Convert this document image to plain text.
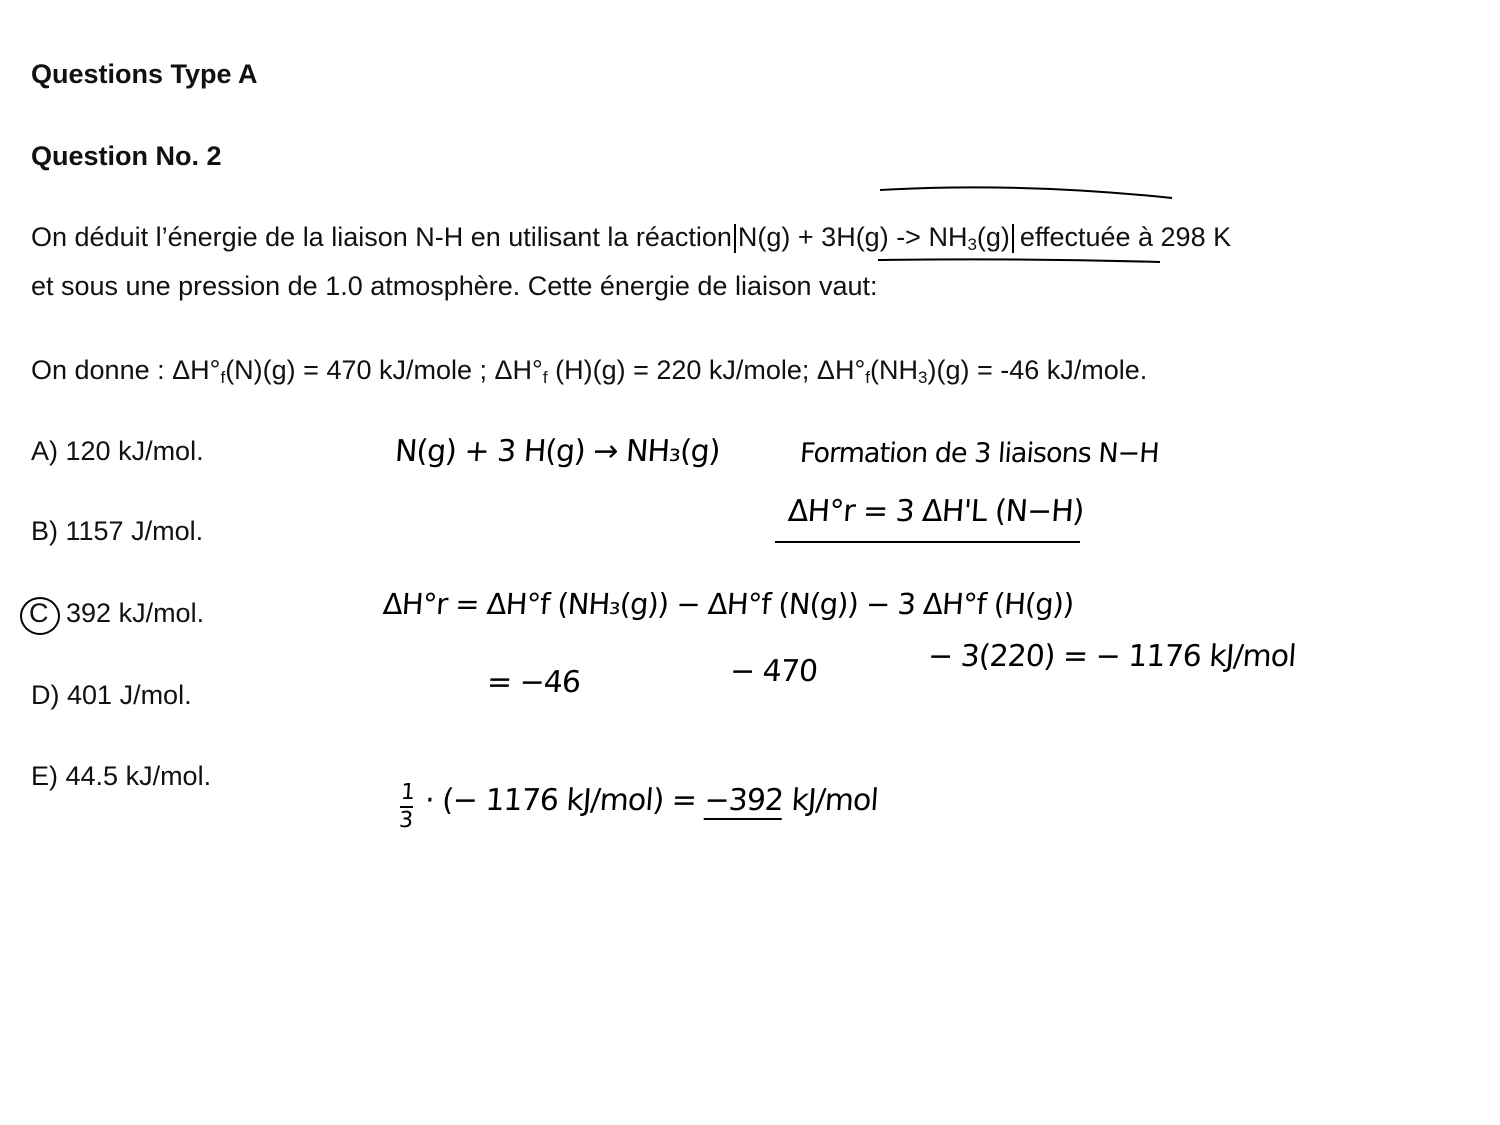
Questions Type A
Question No. 2
On déduit l’énergie de la liaison N-H en utilisant la réaction $N(g) + 3H(g) -> NH_3(g)$ effectuée à 298 K
et sous une pression de 1.0 atmosphère. Cette énergie de liaison vaut:
On donne : $\Delta H^\circ_f(N)(g) = 470$ kJ/mole ; $\Delta H^\circ_f$ (H)(g) = 220 kJ/mole; $\Delta H^\circ_f(NH_3)(g) = -46$ kJ/mole.
A) 120 kJ/mol.
B) 1157 J/mol.
C 392 kJ/mol.
D) 401 J/mol.
E) 44.5 kJ/mol.
N(g) + 3 H(g) → NH₃(g)	Formation de 3 liaisons N−H
ΔH°r = 3 ΔH'L (N−H)
ΔH°r = ΔH°f (NH₃(g)) − ΔH°f (N(g)) − 3 ΔH°f (H(g))
= −46	− 470	− 3(220) = − 1176 kJ/mol
$\frac{1}{3}$ · (− 1176 kJ/mol) = −392 kJ/mol
